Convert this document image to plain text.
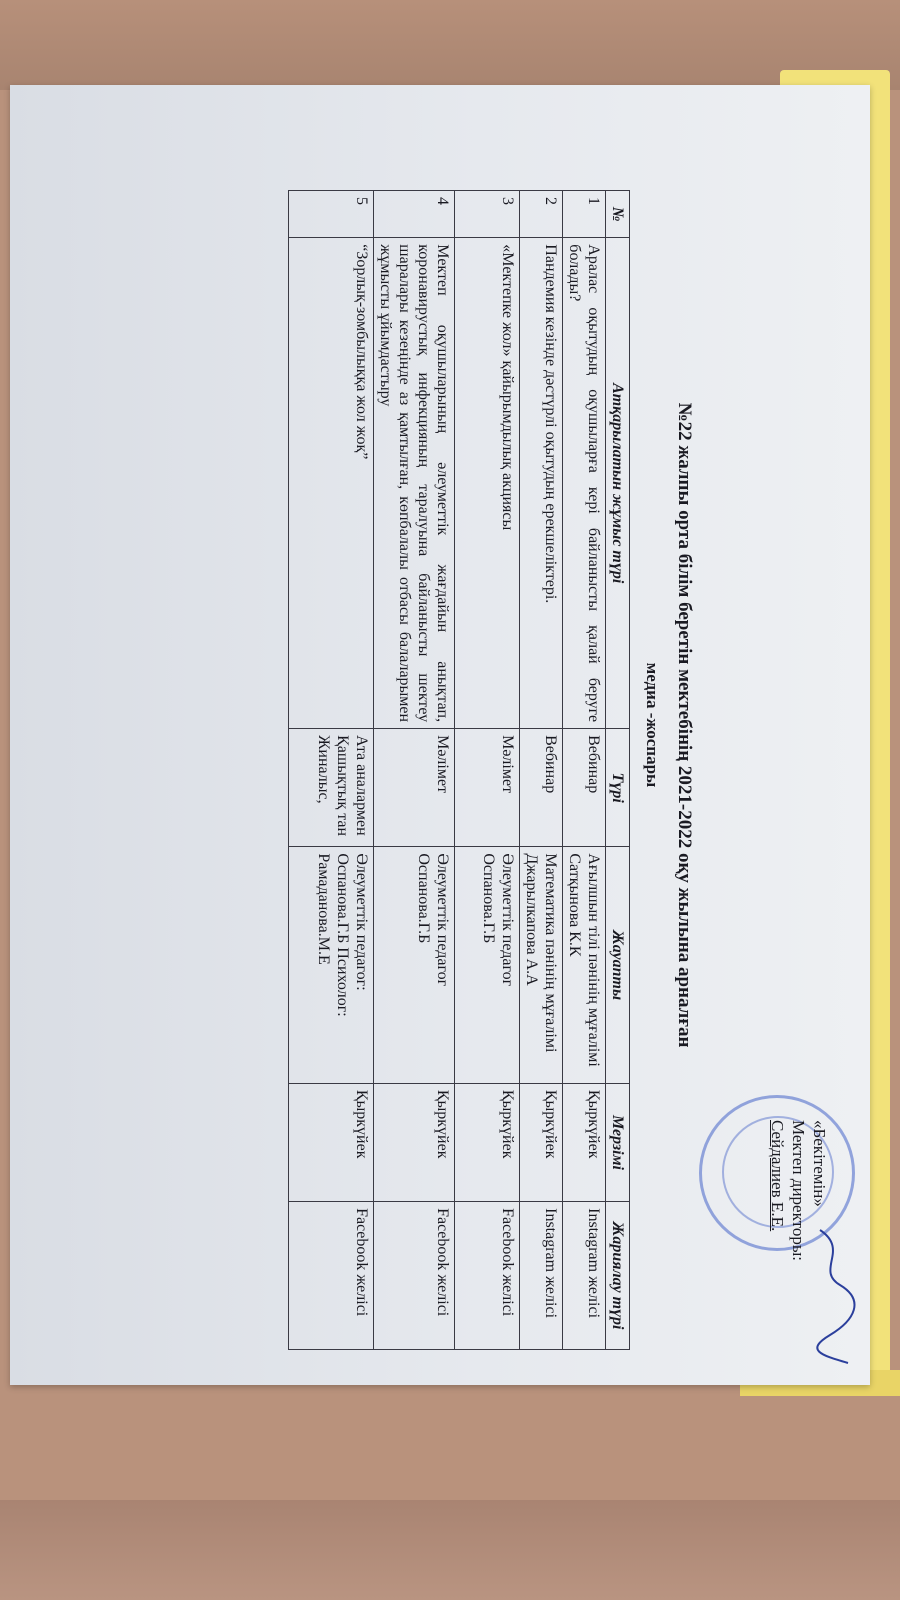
«Бекітемін»
Мектеп директоры:
Сейдалиев Е.Е.
№22 жалпы орта білім беретін мектебінің 2021-2022 оқу жылына арналған
медиа -жоспары
№	Атқарылатын жұмыс түрі	Түрі	Жауапты	Мерзімі	Жариялау түрі
1	Аралас оқытудың оқушыларға кері байланысты қалай беруге болады?	Вебинар	Ағылшын тілі пәнінің мұғалімі Сатқынова К.К	Қыркүйек	Instagram желісі
2	Пандемия кезінде дәстүрлі оқытудың ерекшеліктері.	Вебинар	Математика пәнінің мұғалімі Джарылкапова А.А	Қыркүйек	Instagram желісі
3	«Мектепке жол» қайырымдылық акциясы	Мәлімет	Әлеуметтік педагог Оспанова.Г.Б	Қыркүйек	Facebook желісі
4	Мектеп оқушыларының әлеуметтік жағдайын анықтап, коронавирустық инфекцияның таралуына байланысты шектеу шаралары кезеңінде аз қамтылған, көпбалалы отбасы балаларымен жұмысты ұйымдастыру	Мәлімет	Әлеуметтік педагог Оспанова.Г.Б	Қыркүйек	Facebook желісі
5	“Зорлық-зомбылыққа жол жоқ”	Ата аналармен Қашықтық тан Жиналыс,	Әлеуметтік педагог: Оспанова.Г.Б Психолог: Рамаданова.М.Е	Қыркүйек	Facebook желісі
